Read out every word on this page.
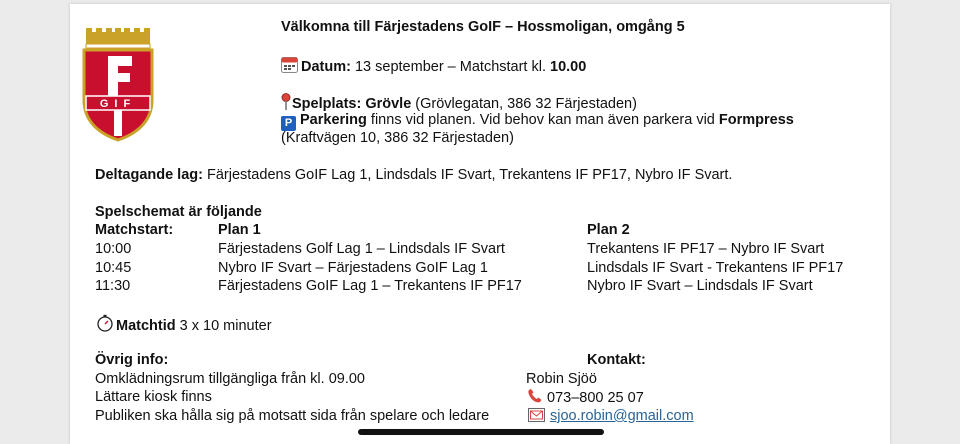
GIF
Välkomna till Färjestadens GoIF – Hossmoligan, omgång 5
Datum: 13 september – Matchstart kl. 10.00
Spelplats: Grövle (Grövlegatan, 386 32 Färjestaden)
P Parkering finns vid planen. Vid behov kan man även parkera vid Formpress
(Kraftvägen 10, 386 32 Färjestaden)
Deltagande lag: Färjestadens GoIF Lag 1, Lindsdals IF Svart, Trekantens IF PF17, Nybro IF Svart.
Spelschemat är följande
Matchstart:	Plan 1	Plan 2
10:00	Färjestadens Golf Lag 1 – Lindsdals IF Svart	Trekantens IF PF17 – Nybro IF Svart
10:45	Nybro IF Svart – Färjestadens GoIF Lag 1	Lindsdals IF Svart - Trekantens IF PF17
11:30	Färjestadens GoIF Lag 1 – Trekantens IF PF17	Nybro IF Svart – Lindsdals IF Svart
Matchtid 3 x 10 minuter
Övrig info:
Omklädningsrum tillgängliga från kl. 09.00
Lättare kiosk finns
Publiken ska hålla sig på motsatt sida från spelare och ledare
Kontakt:
Robin Sjöö
073–800 25 07
sjoo.robin@gmail.com
